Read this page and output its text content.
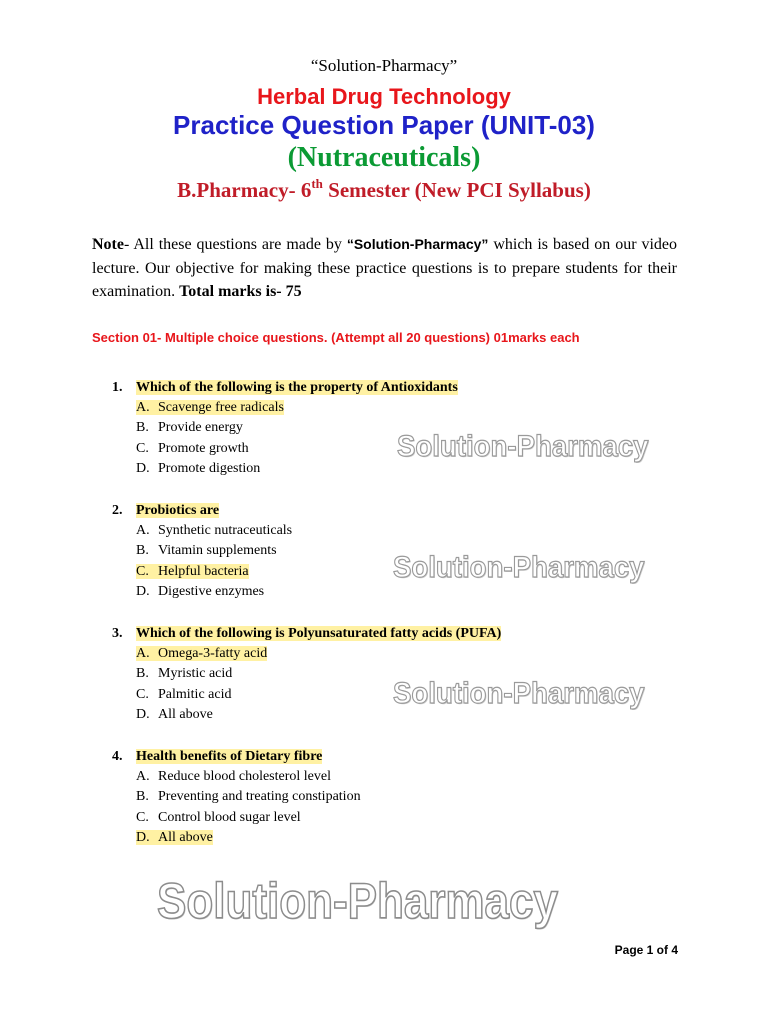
“Solution-Pharmacy”
Herbal Drug Technology
Practice Question Paper (UNIT-03)
(Nutraceuticals)
B.Pharmacy- 6th Semester (New PCI Syllabus)
Note- All these questions are made by “Solution-Pharmacy” which is based on our video lecture. Our objective for making these practice questions is to prepare students for their examination. Total marks is- 75
Section 01- Multiple choice questions. (Attempt all 20 questions) 01marks each
1. Which of the following is the property of Antioxidants
A. Scavenge free radicals
B. Provide energy
C. Promote growth
D. Promote digestion
2. Probiotics are
A. Synthetic nutraceuticals
B. Vitamin supplements
C. Helpful bacteria
D. Digestive enzymes
3. Which of the following is Polyunsaturated fatty acids (PUFA)
A. Omega-3-fatty acid
B. Myristic acid
C. Palmitic acid
D. All above
4. Health benefits of Dietary fibre
A. Reduce blood cholesterol level
B. Preventing and treating constipation
C. Control blood sugar level
D. All above
Solution-Pharmacy
Solution-Pharmacy
Solution-Pharmacy
Solution-Pharmacy
Page 1 of 4
